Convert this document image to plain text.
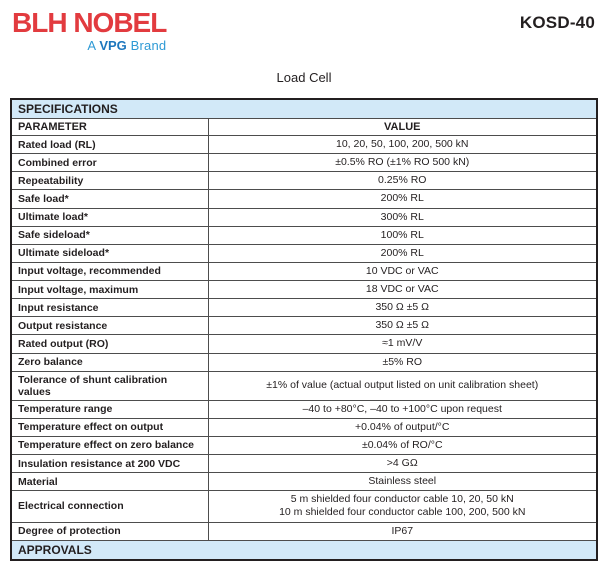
BLH NOBEL
A VPG Brand
KOSD-40
Load Cell
SPECIFICATIONS	
PARAMETER	VALUE
Rated load (RL)	10, 20, 50, 100, 200, 500 kN

Combined error	±0.5% RO (±1% RO 500 kN)

Repeatability	0.25% RO

Safe load*	200% RL

Ultimate load*	300% RL

Safe sideload*	100% RL

Ultimate sideload*	200% RL

Input voltage, recommended	10 VDC or VAC

Input voltage, maximum	18 VDC or VAC

Input resistance	350 Ω ±5 Ω

Output resistance	350 Ω ±5 Ω

Rated output (RO)	≈1 mV/V

Zero balance	±5% RO

Tolerance of shunt calibration values	±1% of value (actual output listed on unit calibration sheet)

Temperature range	–40 to +80°C, –40 to +100°C upon request

Temperature effect on output	+0.04% of output/°C

Temperature effect on zero balance	±0.04% of RO/°C

Insulation resistance at 200 VDC	>4 GΩ

Material	Stainless steel

Electrical connection	5 m shielded four conductor cable 10, 20, 50 kN
10 m shielded four conductor cable 100, 200, 500 kN

Degree of protection	IP67

APPROVALS	
